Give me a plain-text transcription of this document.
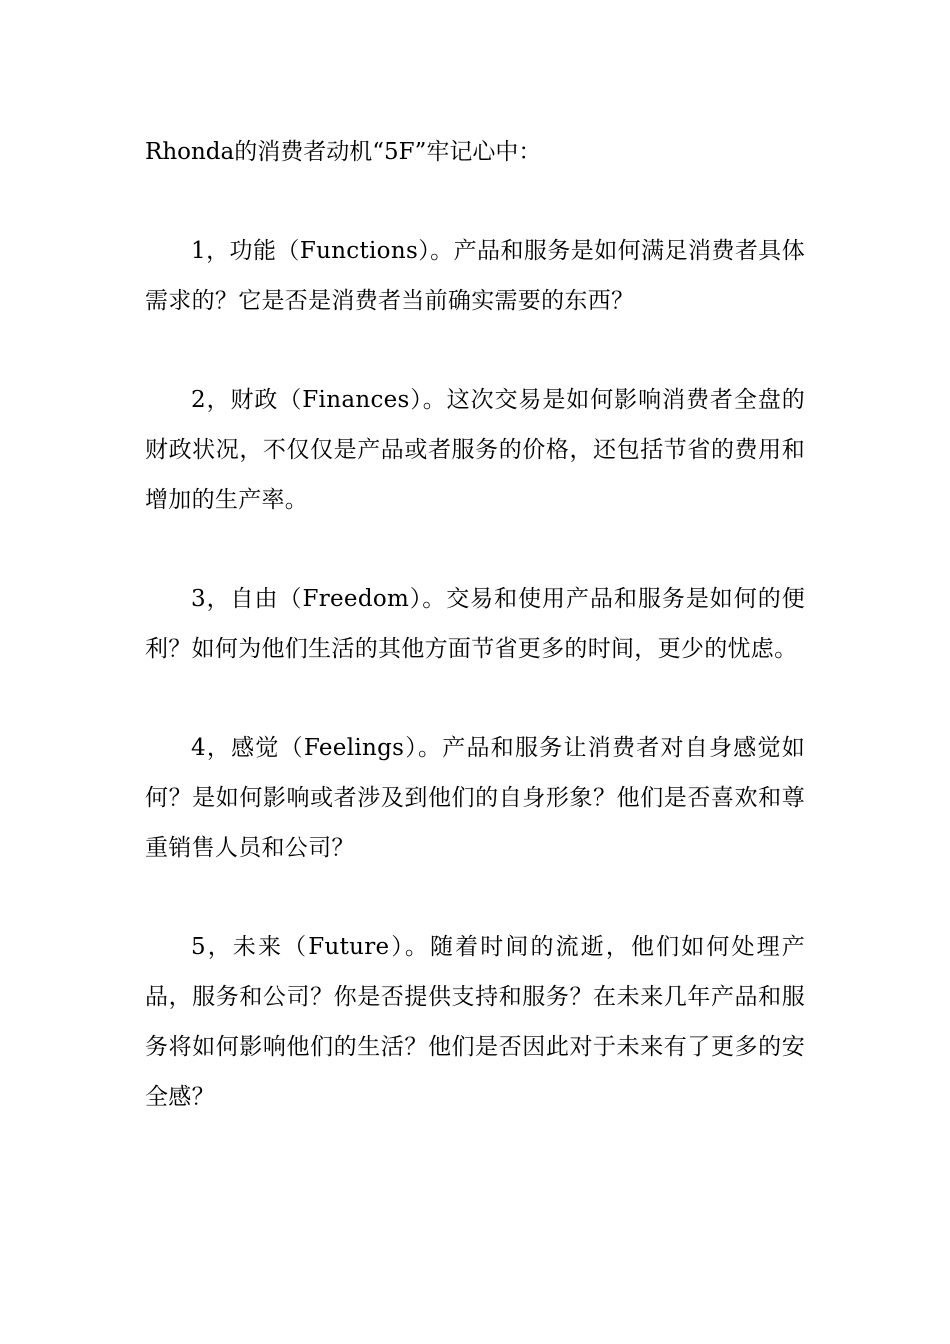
Rhonda的消费者动机“5F”牢记心中：

1，功能（Functions）。产品和服务是如何满足消费者具体需求的？它是否是消费者当前确实需要的东西？

2，财政（Finances）。这次交易是如何影响消费者全盘的财政状况，不仅仅是产品或者服务的价格，还包括节省的费用和增加的生产率。

3，自由（Freedom）。交易和使用产品和服务是如何的便利？如何为他们生活的其他方面节省更多的时间，更少的忧虑。

4，感觉（Feelings）。产品和服务让消费者对自身感觉如何？是如何影响或者涉及到他们的自身形象？他们是否喜欢和尊重销售人员和公司？

5，未来（Future）。随着时间的流逝，他们如何处理产品，服务和公司？你是否提供支持和服务？在未来几年产品和服务将如何影响他们的生活？他们是否因此对于未来有了更多的安全感？
